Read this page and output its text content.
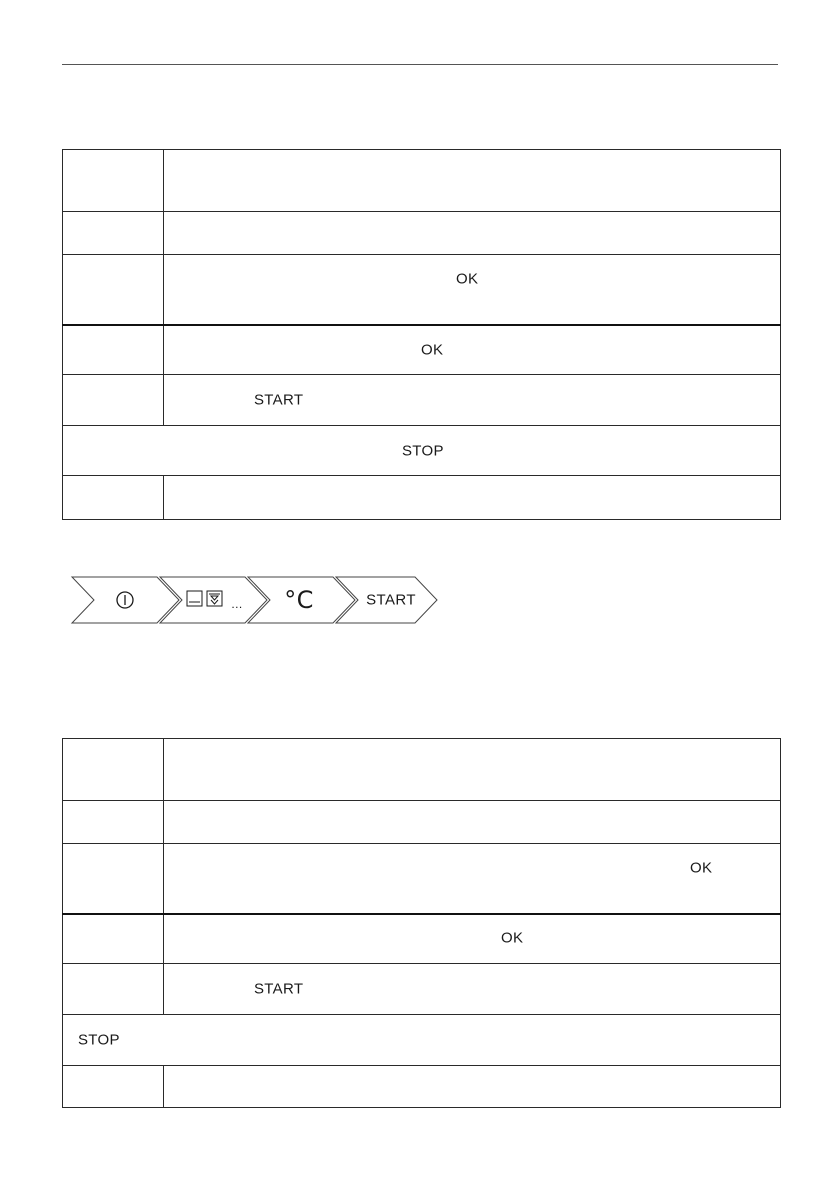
	OK

	OK

	START

STOP	

... °C	START

	OK

	OK

	START

STOP	
